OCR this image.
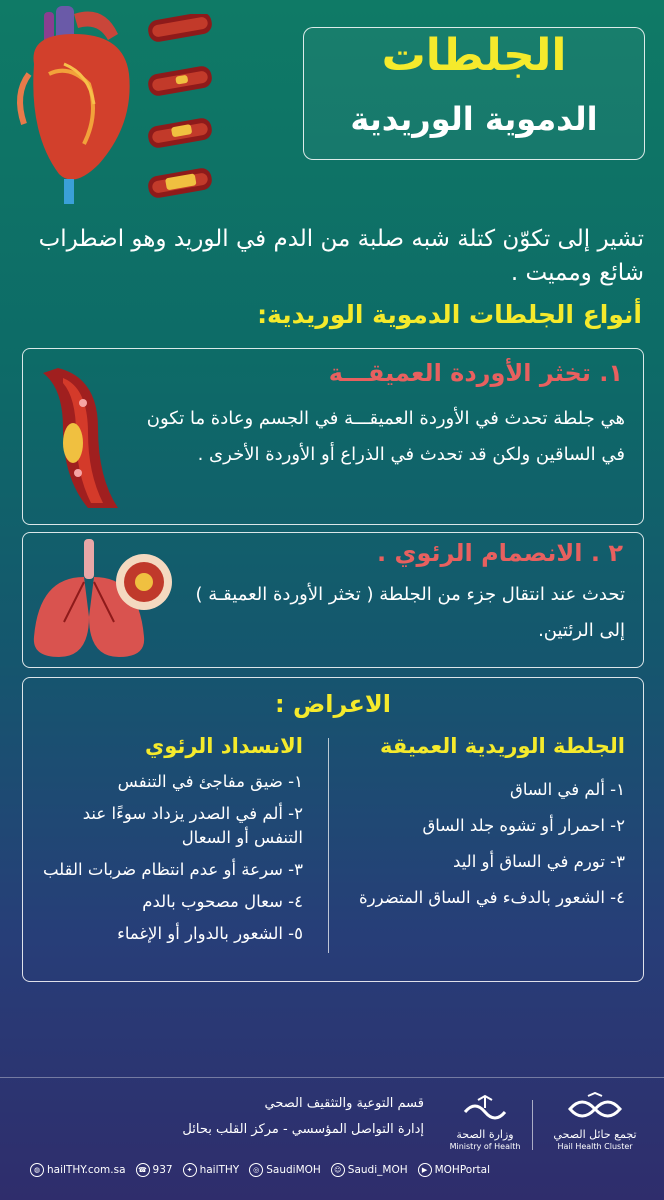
الجلطات
الدموية الوريدية
تشير إلى تكوّن كتلة شبه صلبة من الدم في الوريد وهو اضطراب شائع ومميت .
أنواع الجلطات الدموية الوريدية:
١. تخثر الأوردة العميقـــة
هي جلطة تحدث في الأوردة العميقـــة في الجسم وعادة ما تكون في الساقين ولكن قد تحدث في الذراع أو الأوردة الأخرى .
٢ . الانصمام الرئوي .
تحدث عند انتقال جزء من الجلطة ( تخثر الأوردة العميقـة ) إلى الرئتين.
الاعراض :
الجلطة الوريدية العميقة
الانسداد الرئوي
١- ألم في الساق
٢- احمرار أو تشوه جلد الساق
٣- تورم في الساق أو اليد
٤- الشعور بالدفء في الساق المتضررة
١- ضيق مفاجئ في التنفس
٢- ألم في الصدر يزداد سوءًا عند التنفس أو السعال
٣- سرعة أو عدم انتظام ضربات القلب
٤- سعال مصحوب بالدم
٥- الشعور بالدوار أو الإغماء
تجمع حائل الصحي
Hail Health Cluster
وزارة الصحة
Ministry of Health
قسم التوعية والتثقيف الصحي
إدارة التواصل المؤسسي - مركز القلب بحائل
◍ hailTHY.com.sa	☎ 937	✦ hailTHY	◎ SaudiMOH	☺ Saudi_MOH	▶ MOHPortal
